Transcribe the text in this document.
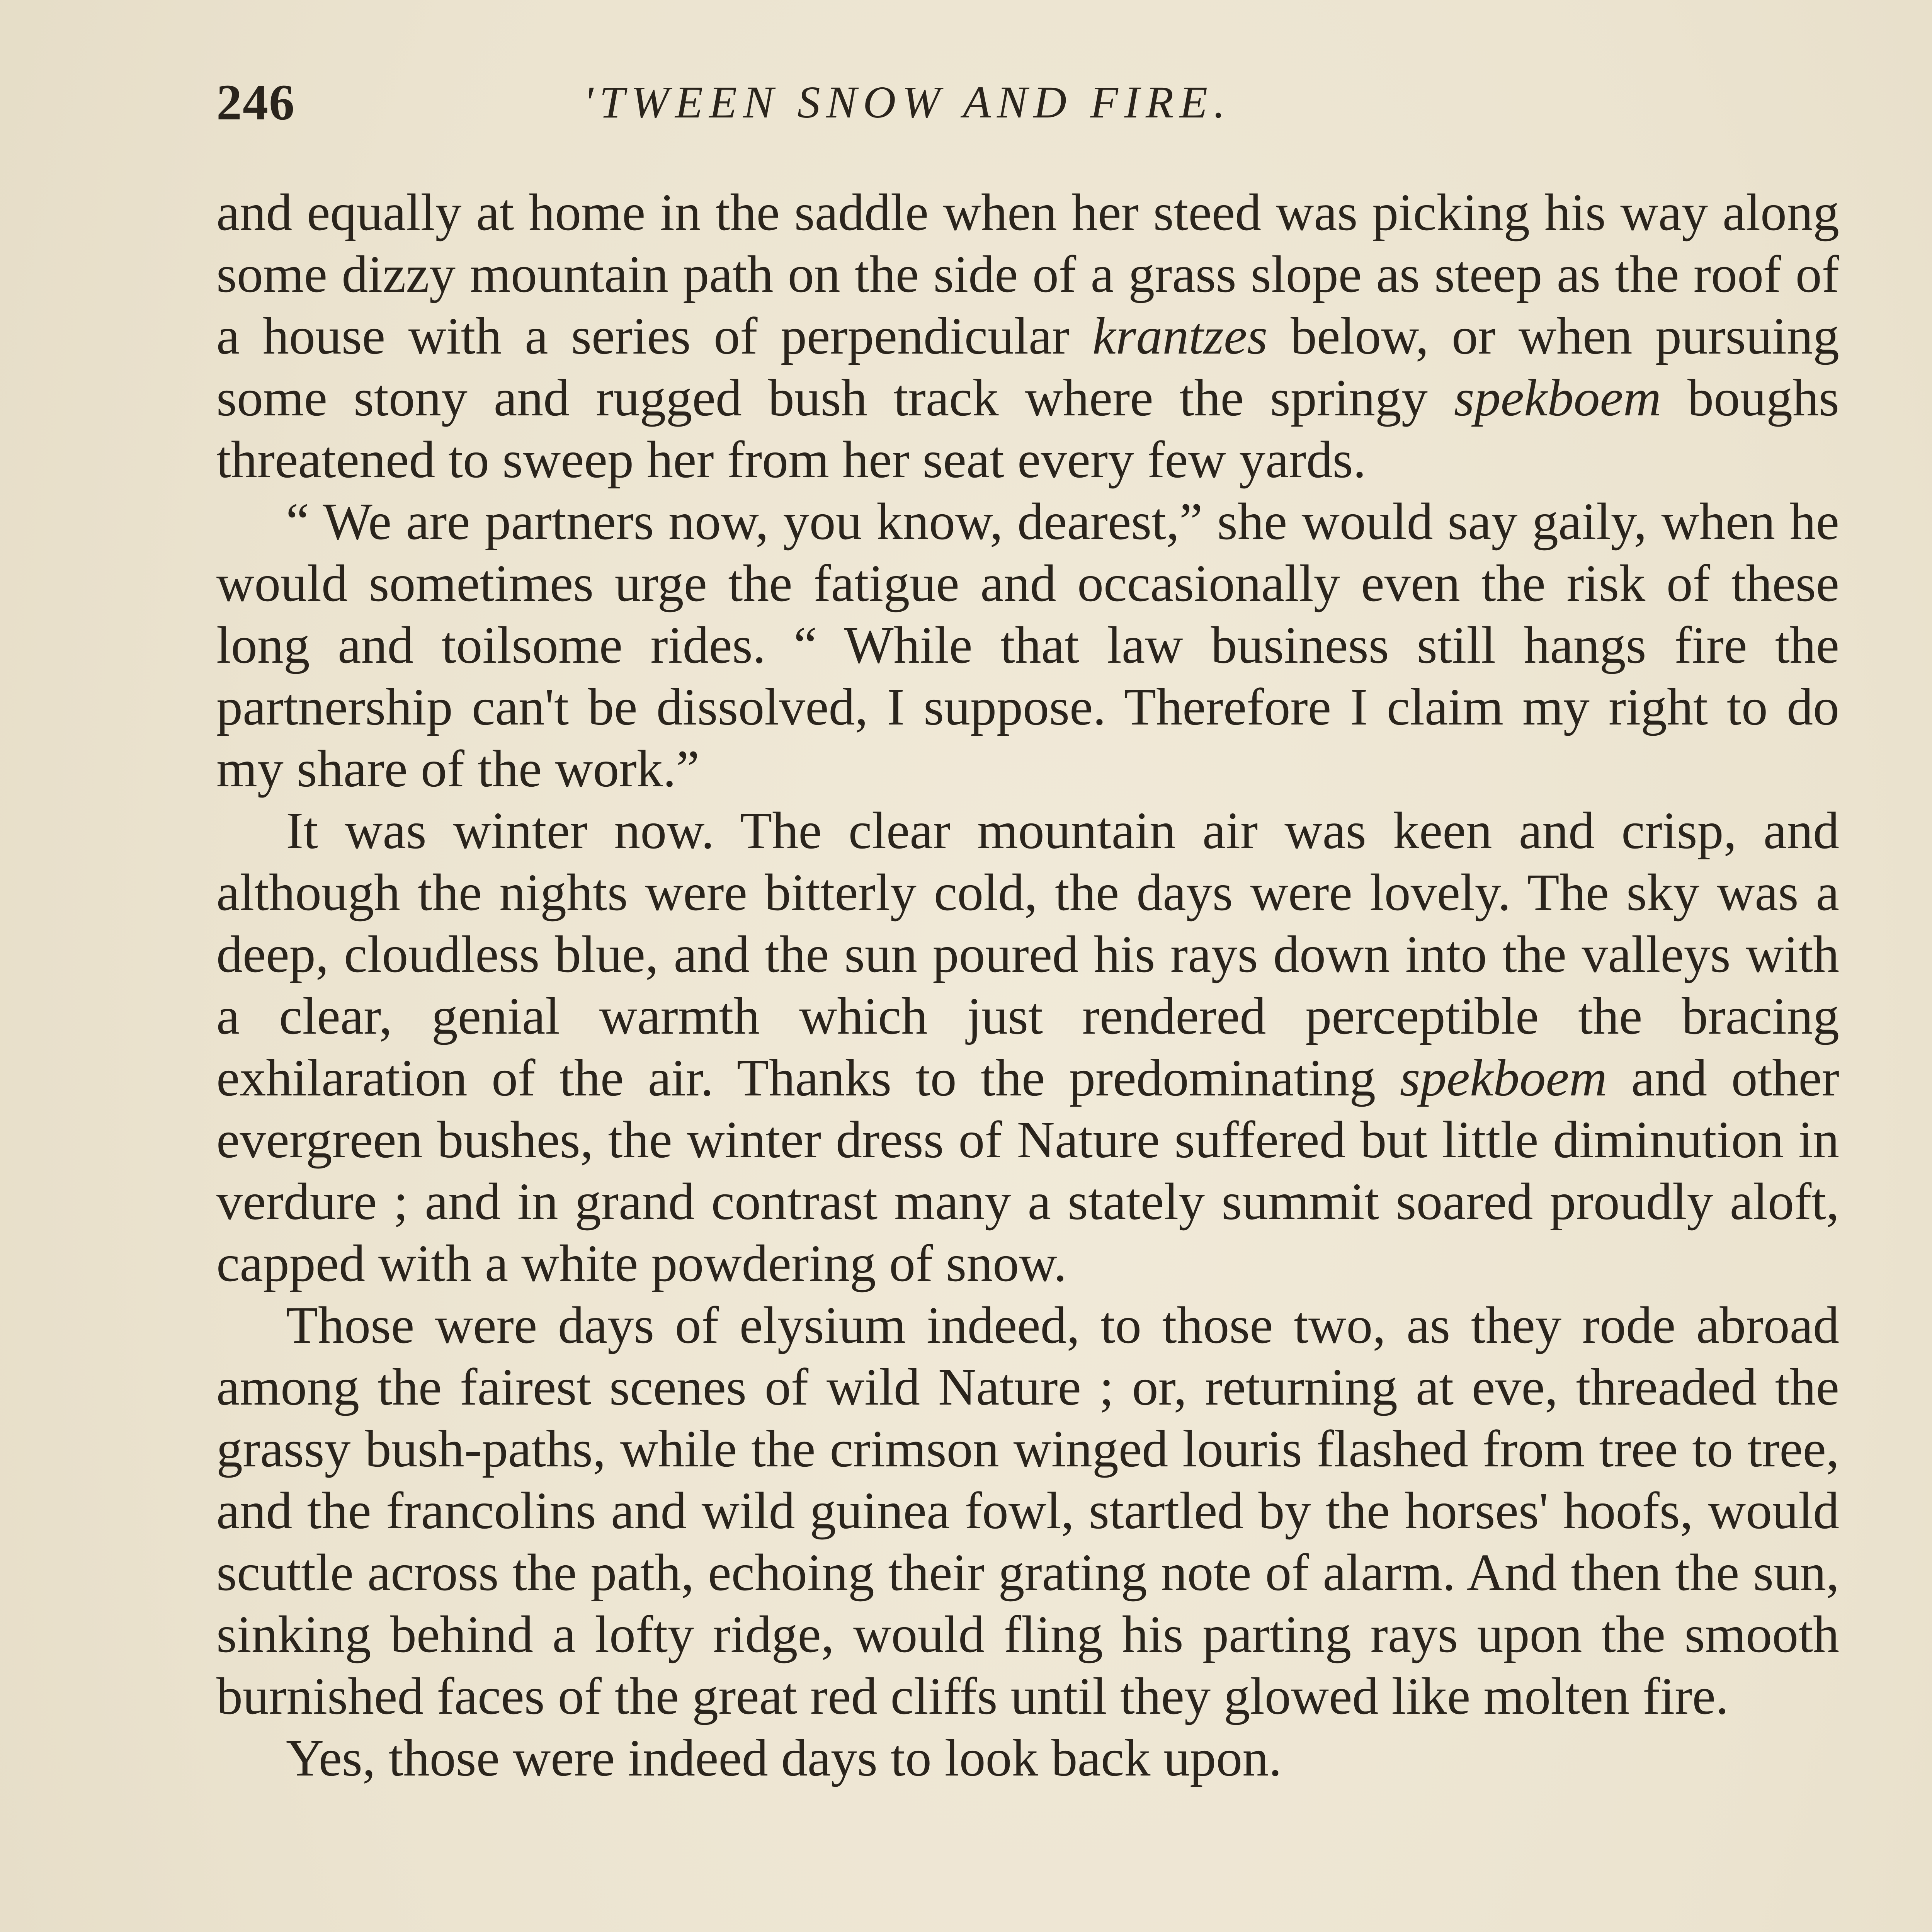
246	'TWEEN SNOW AND FIRE.

and equally at home in the saddle when her steed was picking his way along some dizzy mountain path on the side of a grass slope as steep as the roof of a house with a series of perpendicular krantzes below, or when pursuing some stony and rugged bush track where the springy spekboem boughs threatened to sweep her from her seat every few yards.

“ We are partners now, you know, dearest,” she would say gaily, when he would sometimes urge the fatigue and occasionally even the risk of these long and toilsome rides. “ While that law business still hangs fire the partnership can't be dissolved, I suppose. Therefore I claim my right to do my share of the work.”

It was winter now. The clear mountain air was keen and crisp, and although the nights were bitterly cold, the days were lovely. The sky was a deep, cloudless blue, and the sun poured his rays down into the valleys with a clear, genial warmth which just rendered perceptible the bracing exhilaration of the air. Thanks to the predominating spekboem and other evergreen bushes, the winter dress of Nature suffered but little diminution in verdure ; and in grand contrast many a stately summit soared proudly aloft, capped with a white powdering of snow.

Those were days of elysium indeed, to those two, as they rode abroad among the fairest scenes of wild Nature ; or, returning at eve, threaded the grassy bush-paths, while the crimson winged louris flashed from tree to tree, and the francolins and wild guinea fowl, startled by the horses' hoofs, would scuttle across the path, echoing their grating note of alarm. And then the sun, sinking behind a lofty ridge, would fling his parting rays upon the smooth burnished faces of the great red cliffs until they glowed like molten fire.

Yes, those were indeed days to look back upon.
